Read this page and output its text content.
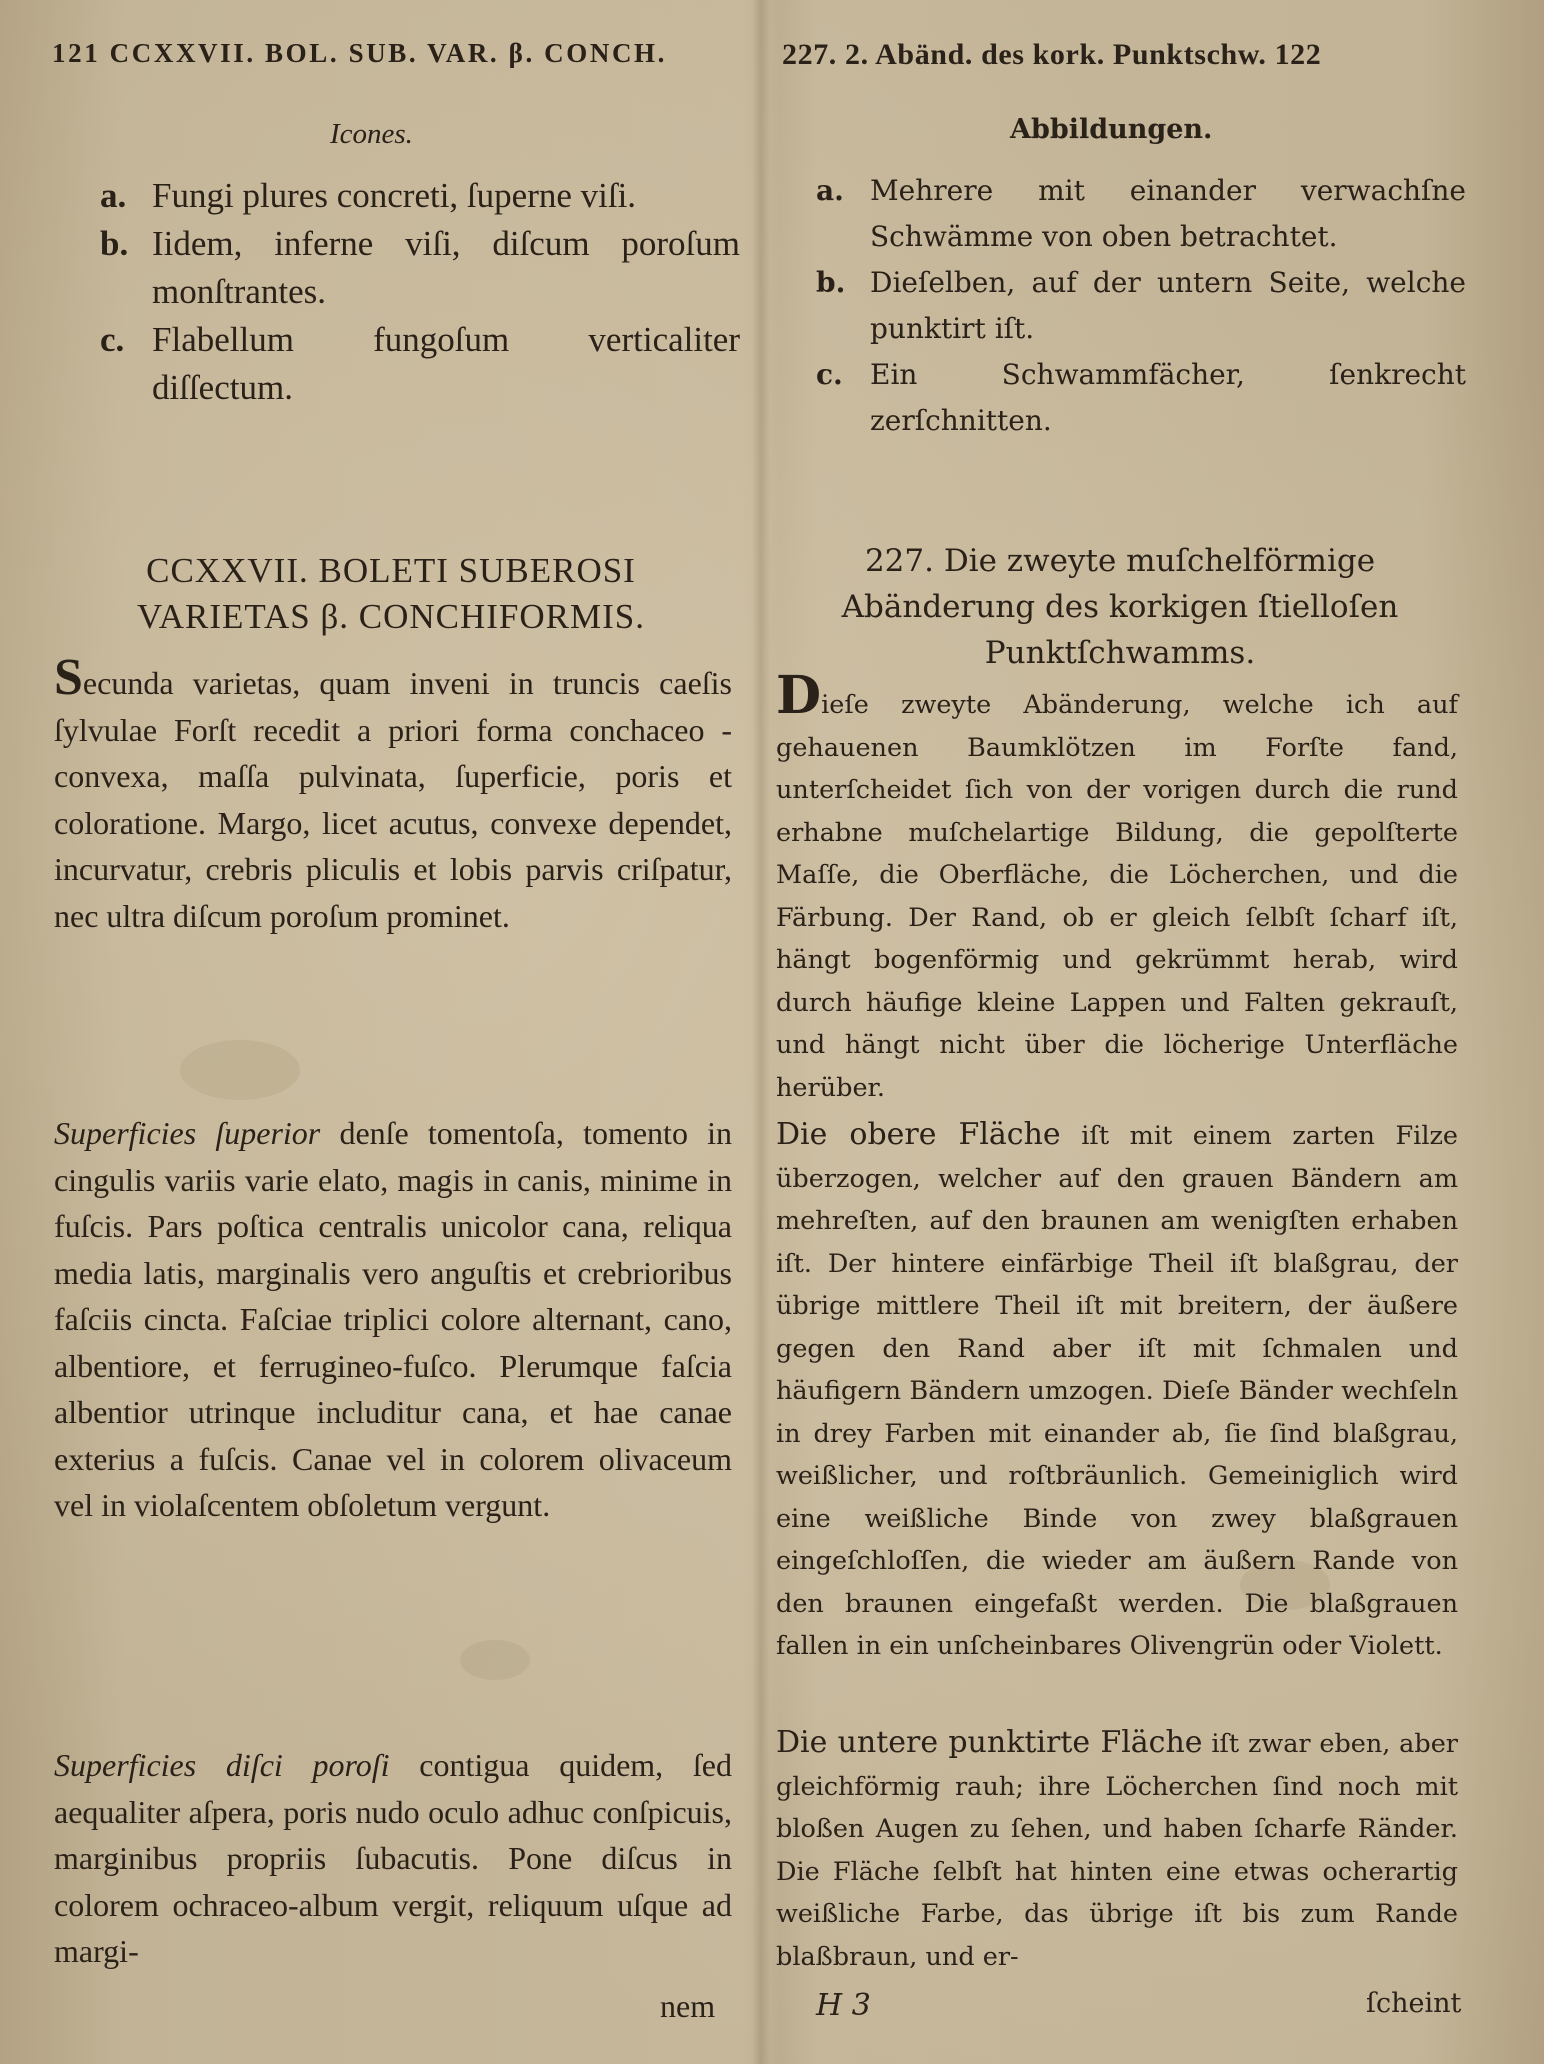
121 CCXXVII. BOL. SUB. VAR. β. CONCH.
Icones.
a. Fungi plures concreti, ſuperne viſi.
b. Iidem, inferne viſi, diſcum poroſum monſtrantes.
c. Flabellum fungoſum verticaliter diſſectum.
CCXXVII. BOLETI SUBEROSI VARIETAS β. CONCHIFORMIS.

Secunda varietas, quam inveni in truncis caeſis ſylvulae Forſt recedit a priori forma conchaceo - convexa, maſſa pulvinata, ſuperficie, poris et coloratione. Margo, licet acutus, convexe dependet, incurvatur, crebris pliculis et lobis parvis criſpatur, nec ultra diſcum poroſum prominet.

Superficies ſuperior denſe tomentoſa, tomento in cingulis variis varie elato, magis in canis, minime in fuſcis. Pars poſtica centralis unicolor cana, reliqua media latis, marginalis vero anguſtis et crebrioribus faſciis cincta. Faſciae triplici colore alternant, cano, albentiore, et ferrugineo-fuſco. Plerumque faſcia albentior utrinque includitur cana, et hae canae exterius a fuſcis. Canae vel in colorem olivaceum vel in violaſcentem obſoletum vergunt.

Superficies diſci poroſi contigua quidem, ſed aequaliter aſpera, poris nudo oculo adhuc conſpicuis, marginibus propriis ſubacutis. Pone diſcus in colorem ochraceo-album vergit, reliquum uſque ad margi-

nem
227. 2. Abänd. des kork. Punktschw. 122
Abbildungen.
a. Mehrere mit einander verwachſne Schwämme von oben betrachtet.
b. Dieſelben, auf der untern Seite, welche punktirt iſt.
c. Ein Schwammfächer, ſenkrecht zerſchnitten.
227. Die zweyte muſchelförmige Abänderung des korkigen ſtielloſen Punktſchwamms.

Dieſe zweyte Abänderung, welche ich auf gehauenen Baumklötzen im Forſte fand, unterſcheidet ſich von der vorigen durch die rund erhabne muſchelartige Bildung, die gepolſterte Maſſe, die Oberfläche, die Löcherchen, und die Färbung. Der Rand, ob er gleich ſelbſt ſcharf iſt, hängt bogenförmig und gekrümmt herab, wird durch häufige kleine Lappen und Falten gekrauſt, und hängt nicht über die löcherige Unterfläche herüber.

Die obere Fläche iſt mit einem zarten Filze überzogen, welcher auf den grauen Bändern am mehreſten, auf den braunen am wenigſten erhaben iſt. Der hintere einfärbige Theil iſt blaßgrau, der übrige mittlere Theil iſt mit breitern, der äußere gegen den Rand aber iſt mit ſchmalen und häufigern Bändern umzogen. Dieſe Bänder wechſeln in drey Farben mit einander ab, ſie ſind blaßgrau, weißlicher, und roſtbräunlich. Gemeiniglich wird eine weißliche Binde von zwey blaßgrauen eingeſchloſſen, die wieder am äußern Rande von den braunen eingefaßt werden. Die blaßgrauen fallen in ein unſcheinbares Olivengrün oder Violett.

Die untere punktirte Fläche iſt zwar eben, aber gleichförmig rauh; ihre Löcherchen ſind noch mit bloßen Augen zu ſehen, und haben ſcharfe Ränder. Die Fläche ſelbſt hat hinten eine etwas ocherartig weißliche Farbe, das übrige iſt bis zum Rande blaßbraun, und er-

H 3	ſcheint
